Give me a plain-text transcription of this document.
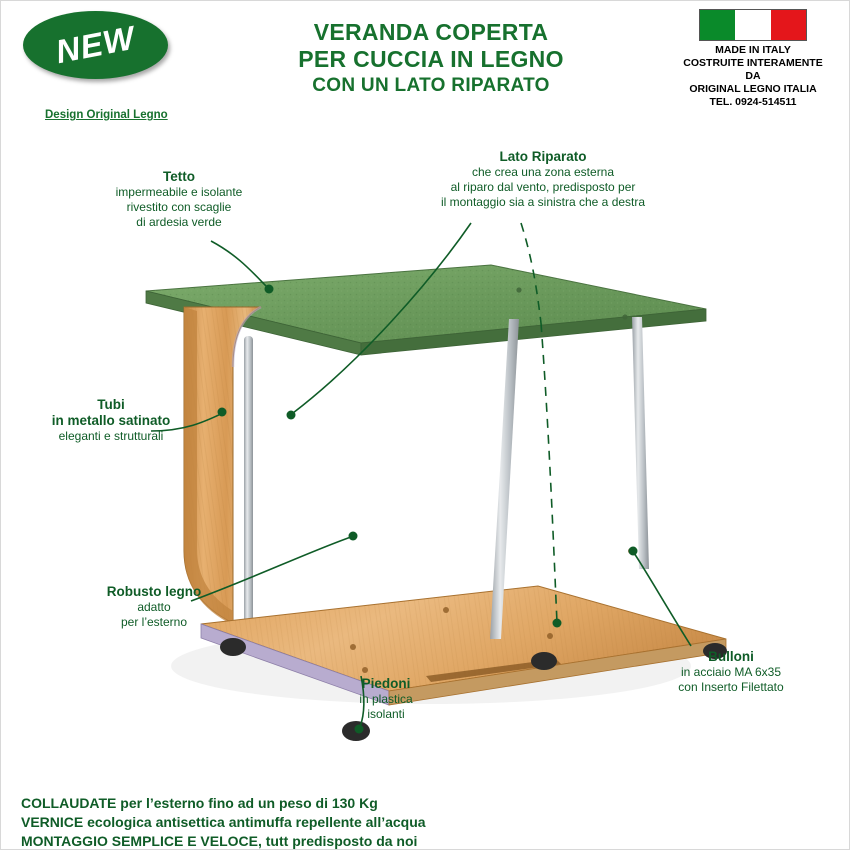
NEW
Design Original Legno
VERANDA COPERTA
PER CUCCIA IN LEGNO
CON UN LATO RIPARATO
MADE IN ITALY
COSTRUITE INTERAMENTE
DA
ORIGINAL LEGNO ITALIA
TEL. 0924-514511
Tetto
impermeabile e isolante
rivestito con scaglie
di ardesia verde
Lato Riparato
che crea una zona esterna
al riparo dal vento, predisposto per
il montaggio sia a sinistra che a destra
Tubi
in metallo satinato
eleganti e strutturali
Robusto legno
adatto
per l’esterno
Piedoni
in plastica
isolanti
Bulloni
in acciaio MA 6x35
con Inserto Filettato
COLLAUDATE per l’esterno fino ad un peso di 130 Kg
VERNICE ecologica antisettica antimuffa repellente all’acqua
MONTAGGIO SEMPLICE E VELOCE, tutt predisposto da noi
